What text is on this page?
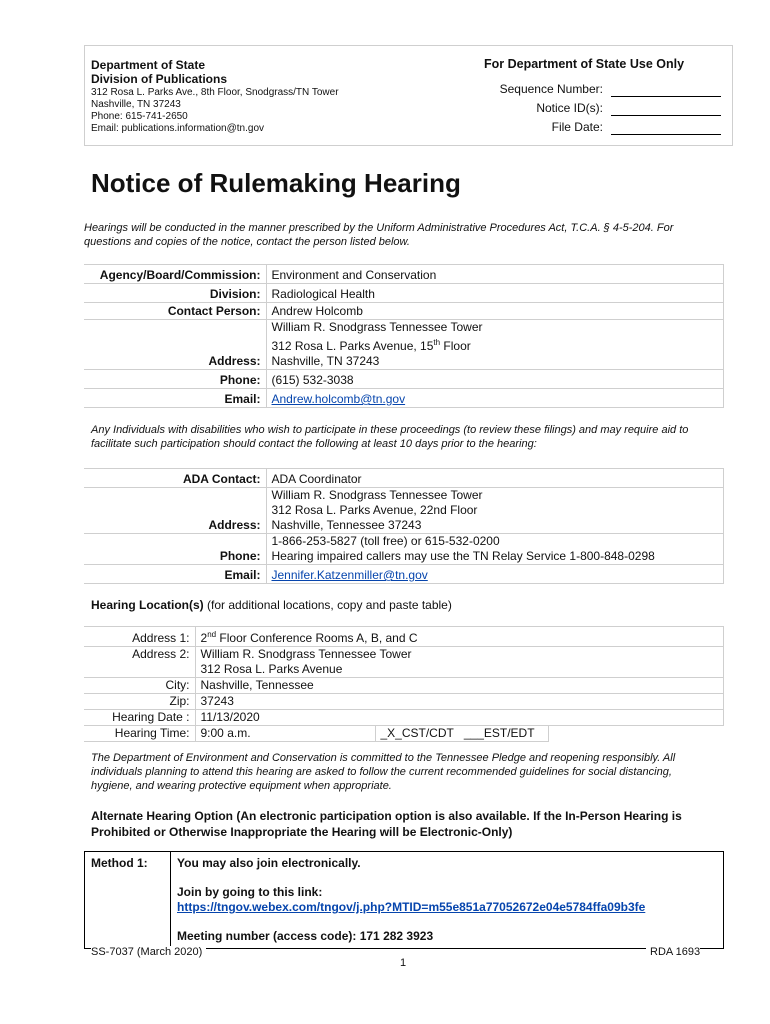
Department of State
Division of Publications
312 Rosa L. Parks Ave., 8th Floor, Snodgrass/TN Tower
Nashville, TN 37243
Phone: 615-741-2650
Email: publications.information@tn.gov
For Department of State Use Only
Sequence Number:
Notice ID(s):
File Date:
Notice of Rulemaking Hearing
Hearings will be conducted in the manner prescribed by the Uniform Administrative Procedures Act, T.C.A. § 4-5-204. For questions and copies of the notice, contact the person listed below.
Agency/Board/Commission:	Environment and Conservation
Division:	Radiological Health
Contact Person:	Andrew Holcomb
Address:	William R. Snodgrass Tennessee Tower
312 Rosa L. Parks Avenue, 15th Floor
Nashville, TN 37243

Phone:	(615) 532-3038
Email:	Andrew.holcomb@tn.gov
Any Individuals with disabilities who wish to participate in these proceedings (to review these filings) and may require aid to facilitate such participation should contact the following at least 10 days prior to the hearing:
ADA Contact:	ADA Coordinator
Address:	William R. Snodgrass Tennessee Tower
312 Rosa L. Parks Avenue, 22nd Floor
Nashville, Tennessee 37243

Phone:	1-866-253-5827 (toll free) or 615-532-0200
Hearing impaired callers may use the TN Relay Service 1-800-848-0298

Email:	Jennifer.Katzenmiller@tn.gov
Hearing Location(s) (for additional locations, copy and paste table)
Address 1:	2nd Floor Conference Rooms A, B, and C			
Address 2:	William R. Snodgrass Tennessee Tower
312 Rosa L. Parks Avenue			

City:	Nashville, Tennessee			
Zip:	37243			
Hearing Date :	11/13/2020			
Hearing Time:	9:00 a.m.	_X_CST/CDT	___EST/EDT	
The Department of Environment and Conservation is committed to the Tennessee Pledge and reopening responsibly. All individuals planning to attend this hearing are asked to follow the current recommended guidelines for social distancing, hygiene, and wearing protective equipment when appropriate.
Alternate Hearing Option (An electronic participation option is also available. If the In-Person Hearing is Prohibited or Otherwise Inappropriate the Hearing will be Electronic-Only)
Method 1:	You may also join electronically.
Join by going to this link:
https://tngov.webex.com/tngov/j.php?MTID=m55e851a77052672e04e5784ffa09b3fe
Meeting number (access code): 171 282 3923
SS-7037 (March 2020)
1
RDA 1693
